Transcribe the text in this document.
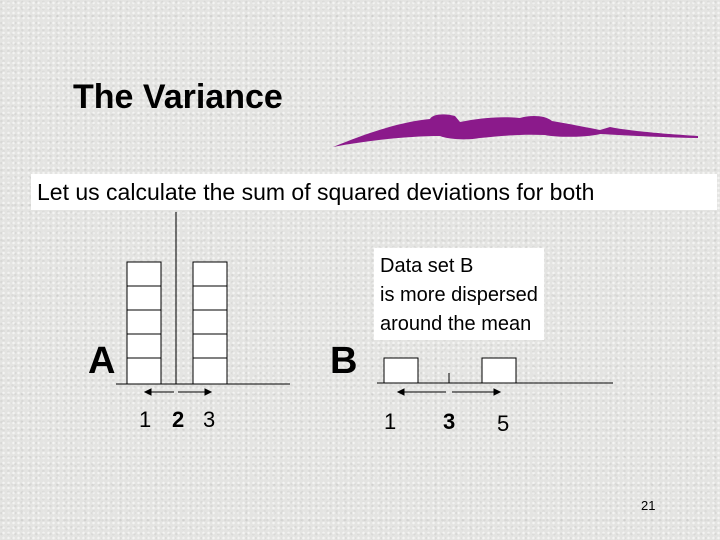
The Variance
Let us calculate the sum of squared deviations for both
A	B
Data set B
is more dispersed
around the mean
1 2 3	1 3 5
21
